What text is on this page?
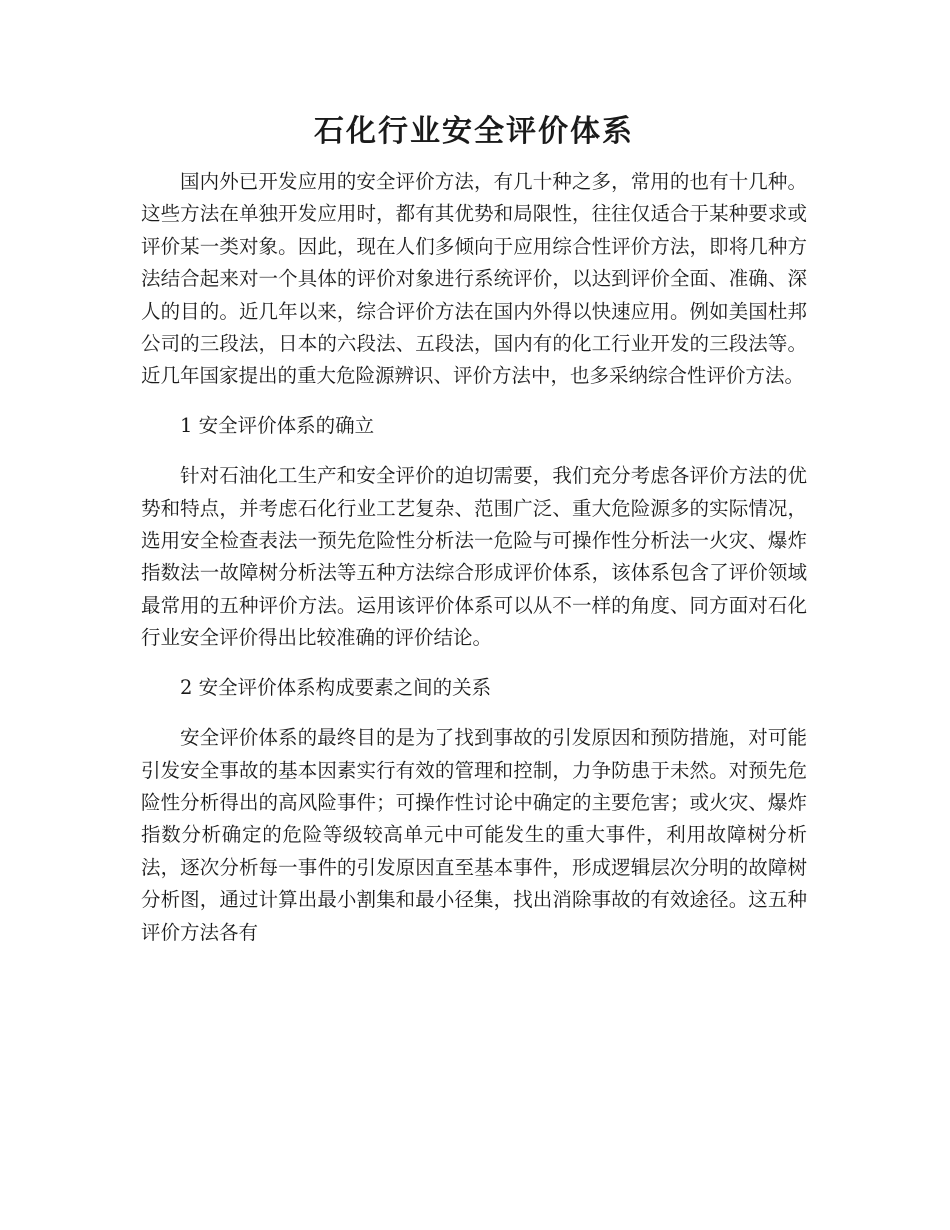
石化行业安全评价体系

国内外已开发应用的安全评价方法，有几十种之多，常用的也有十几种。这些方法在单独开发应用时，都有其优势和局限性，往往仅适合于某种要求或评价某一类对象。因此，现在人们多倾向于应用综合性评价方法，即将几种方法结合起来对一个具体的评价对象进行系统评价，以达到评价全面、准确、深人的目的。近几年以来，综合评价方法在国内外得以快速应用。例如美国杜邦公司的三段法，日本的六段法、五段法，国内有的化工行业开发的三段法等。近几年国家提出的重大危险源辨识、评价方法中，也多采纳综合性评价方法。

1 安全评价体系的确立

针对石油化工生产和安全评价的迫切需要，我们充分考虑各评价方法的优势和特点，并考虑石化行业工艺复杂、范围广泛、重大危险源多的实际情况，选用安全检查表法一预先危险性分析法一危险与可操作性分析法一火灾、爆炸指数法一故障树分析法等五种方法综合形成评价体系，该体系包含了评价领域最常用的五种评价方法。运用该评价体系可以从不一样的角度、同方面对石化行业安全评价得出比较准确的评价结论。

2 安全评价体系构成要素之间的关系

安全评价体系的最终目的是为了找到事故的引发原因和预防措施，对可能引发安全事故的基本因素实行有效的管理和控制，力争防患于未然。对预先危险性分析得出的高风险事件；可操作性讨论中确定的主要危害；或火灾、爆炸指数分析确定的危险等级较高单元中可能发生的重大事件，利用故障树分析法，逐次分析每一事件的引发原因直至基本事件，形成逻辑层次分明的故障树分析图，通过计算出最小割集和最小径集，找出消除事故的有效途径。这五种评价方法各有
